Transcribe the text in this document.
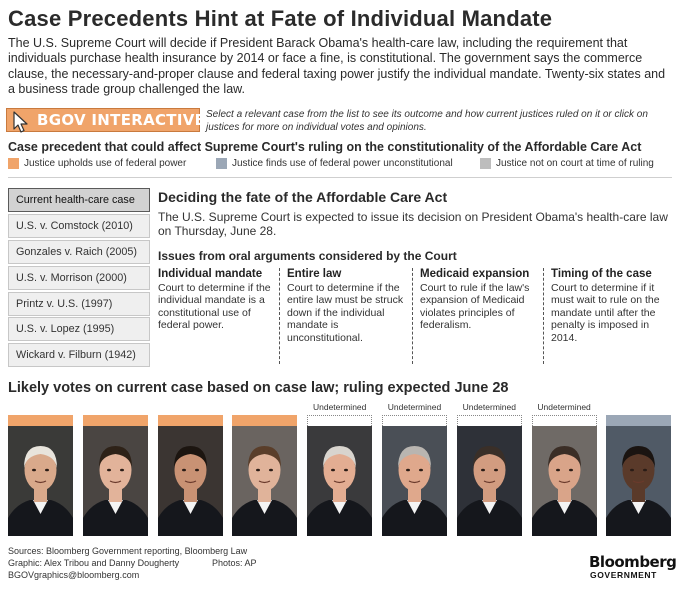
Case Precedents Hint at Fate of Individual Mandate
The U.S. Supreme Court will decide if President Barack Obama's health-care law, including the requirement that individuals purchase health insurance by 2014 or face a fine, is constitutional. The government says the commerce clause, the necessary-and-proper clause and federal taxing power justify the individual mandate. Twenty-six states and a business trade group challenged the law.
BGOV INTERACTIVE Select a relevant case from the list to see its outcome and how current justices ruled on it or click on justices for more on individual votes and opinions.
Case precedent that could affect Supreme Court's ruling on the constitutionality of the Affordable Care Act
Justice upholds use of federal power	Justice finds use of federal power unconstitutional	Justice not on court at time of ruling
Current health-care case
U.S. v. Comstock (2010)
Gonzales v. Raich (2005)
U.S. v. Morrison (2000)
Printz v. U.S. (1997)
U.S. v. Lopez (1995)
Wickard v. Filburn (1942)
Deciding the fate of the Affordable Care Act
The U.S. Supreme Court is expected to issue its decision on President Obama's health-care law on Thursday, June 28.
Issues from oral arguments considered by the Court
Individual mandate
Court to determine if the individual mandate is a constitutional use of federal power.
Entire law
Court to determine if the entire law must be struck down if the individual mandate is unconstitutional.
Medicaid expansion
Court to rule if the law's expansion of Medicaid violates principles of federalism.
Timing of the case
Court to determine if it must wait to rule on the mandate until after the penalty is imposed in 2014.
Likely votes on current case based on case law; ruling expected June 28
Undetermined	Undetermined	Undetermined	Undetermined
Sources: Bloomberg Government reporting, Bloomberg Law
Graphic: Alex Tribou and Danny Dougherty
BGOVgraphics@bloomberg.com
Photos: AP	Bloomberg
GOVERNMENT
